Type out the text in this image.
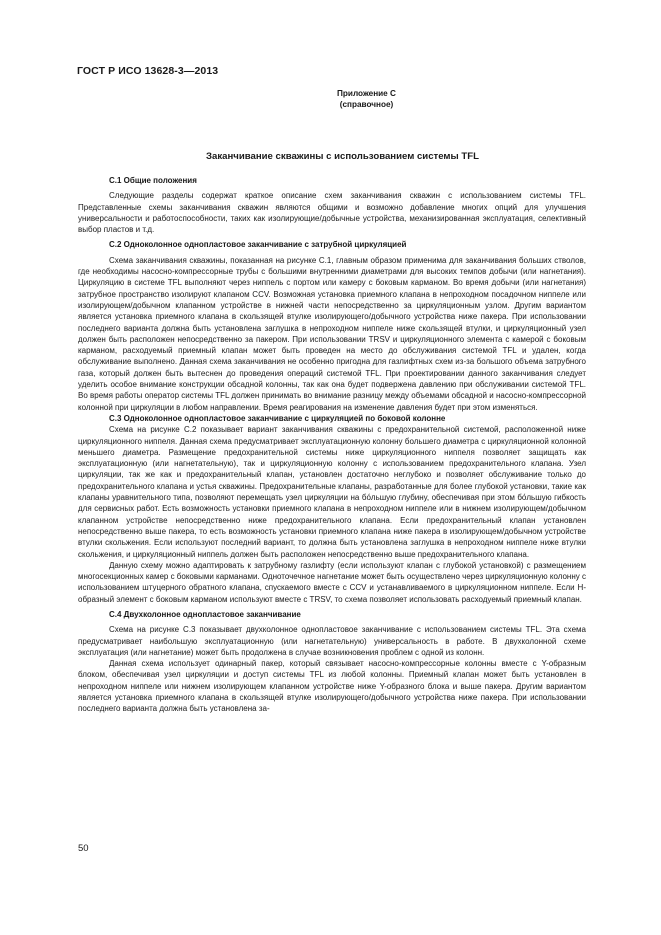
ГОСТ Р ИСО 13628-3—2013
Приложение С
(справочное)
Заканчивание скважины с использованием системы TFL
С.1 Общие положения

Следующие разделы содержат краткое описание схем заканчивания скважин с использованием системы TFL. Представленные схемы заканчивания скважин являются общими и возможно добавление многих опций для улучшения универсальности и работоспособности, таких как изолирующие/добычные устройства, механизированная эксплуатация, селективный выбор пластов и т.д.

С.2 Одноколонное однопластовое заканчивание с затрубной циркуляцией

Схема заканчивания скважины, показанная на рисунке С.1, главным образом применима для заканчивания больших стволов, где необходимы насосно-компрессорные трубы с большими внутренними диаметрами для высоких темпов добычи (или нагнетания). Циркуляцию в системе TFL выполняют через ниппель с портом или камеру с боковым карманом. Во время добычи (или нагнетания) затрубное пространство изолируют клапаном CCV. Возможная установка приемного клапана в непроходном посадочном ниппеле или изолирующем/добычном клапанном устройстве в нижней части непосредственно за циркуляционным узлом. Другим вариантом является установка приемного клапана в скользящей втулке изолирующего/добычного устройства ниже пакера. При использовании последнего варианта должна быть установлена заглушка в непроходном ниппеле ниже скользящей втулки, и циркуляционный узел должен быть расположен непосредственно за пакером. При использовании TRSV и циркуляционного элемента с камерой с боковым карманом, расходуемый приемный клапан может быть проведен на место до обслуживания системой TFL и удален, когда обслуживание выполнено. Данная схема заканчивания не особенно пригодна для газлифтных схем из-за большого объема затрубного газа, который должен быть вытеснен до проведения операций системой TFL. При проектировании данного заканчивания следует уделить особое внимание конструкции обсадной колонны, так как она будет подвержена давлению при обслуживании системой TFL. Во время работы оператор системы TFL должен принимать во внимание разницу между объемами обсадной и насосно-компрессорной колонной при циркуляции в любом направлении. Время реагирования на изменение давления будет при этом изменяться.

С.3 Одноколонное однопластовое заканчивание с циркуляцией по боковой колонне

Схема на рисунке С.2 показывает вариант заканчивания скважины с предохранительной системой, расположенной ниже циркуляционного ниппеля. Данная схема предусматривает эксплуатационную колонну большего диаметра с циркуляционной колонной меньшего диаметра. Размещение предохранительной системы ниже циркуляционного ниппеля позволяет защищать как эксплуатационную (или нагнетательную), так и циркуляционную колонну с использованием предохранительного клапана. Узел циркуляции, так же как и предохранительный клапан, установлен достаточно неглубоко и позволяет обслуживание только до предохранительного клапана и устья скважины. Предохранительные клапаны, разработанные для более глубокой установки, такие как клапаны уравнительного типа, позволяют перемещать узел циркуляции на бо́льшую глубину, обеспечивая при этом бо́льшую гибкость для сервисных работ. Есть возможность установки приемного клапана в непроходном ниппеле или в нижнем изолирующем/добычном клапанном устройстве непосредственно ниже предохранительного клапана. Если предохранительный клапан установлен непосредственно выше пакера, то есть возможность установки приемного клапана ниже пакера в изолирующем/добычном устройстве втулки скольжения. Если используют последний вариант, то должна быть установлена заглушка в непроходном ниппеле ниже втулки скольжения, и циркуляционный ниппель должен быть расположен непосредственно выше предохранительного клапана.

Данную схему можно адаптировать к затрубному газлифту (если используют клапан с глубокой установкой) с размещением многосекционных камер с боковыми карманами. Одноточечное нагнетание может быть осуществлено через циркуляционную колонну с использованием штуцерного обратного клапана, спускаемого вместе с CCV и устанавливаемого в циркуляционном ниппеле. Если H-образный элемент с боковым карманом используют вместе с TRSV, то схема позволяет использовать расходуемый приемный клапан.

С.4 Двухколонное однопластовое заканчивание

Схема на рисунке С.3 показывает двухколонное однопластовое заканчивание с использованием системы TFL. Эта схема предусматривает наибольшую эксплуатационную (или нагнетательную) универсальность в работе. В двухколонной схеме эксплуатация (или нагнетание) может быть продолжена в случае возникновения проблем с одной из колонн.

Данная схема использует одинарный пакер, который связывает насосно-компрессорные колонны вместе с Y-образным блоком, обеспечивая узел циркуляции и доступ системы TFL из любой колонны. Приемный клапан может быть установлен в непроходном ниппеле или нижнем изолирующем клапанном устройстве ниже Y-образного блока и выше пакера. Другим вариантом является установка приемного клапана в скользящей втулке изолирующего/добычного устройства ниже пакера. При использовании последнего варианта должна быть установлена за-

50
